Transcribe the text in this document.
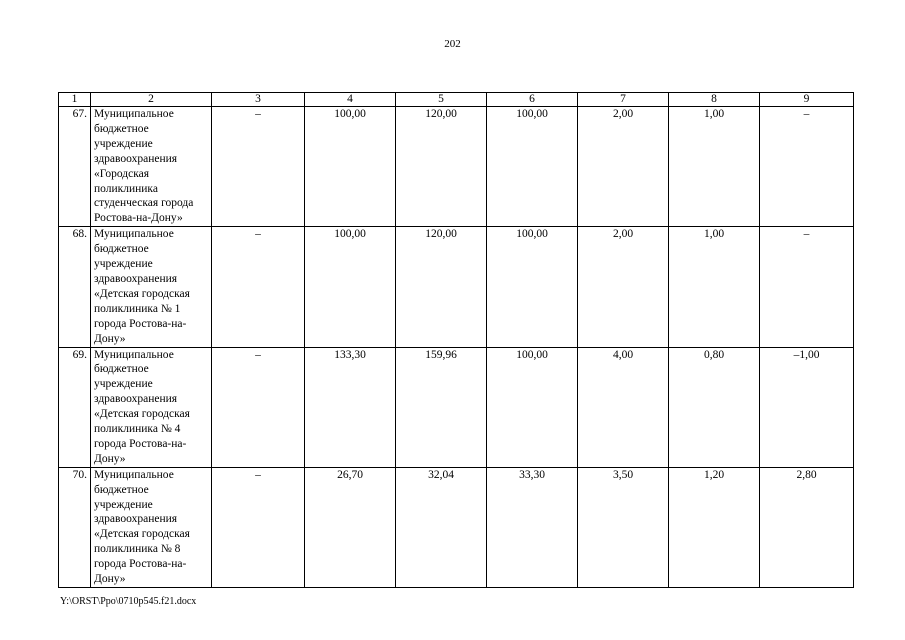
202
1	2	3	4	5	6	7	8	9
67.	Муниципальное бюджетное учреждение здравоохранения «Городская поликлиника студенческая города Ростова-на-Дону»	–	100,00	120,00	100,00	2,00	1,00	–
68.	Муниципальное бюджетное учреждение здравоохранения «Детская городская поликлиника № 1 города Ростова-на-Дону»	–	100,00	120,00	100,00	2,00	1,00	–
69.	Муниципальное бюджетное учреждение здравоохранения «Детская городская поликлиника № 4 города Ростова-на-Дону»	–	133,30	159,96	100,00	4,00	0,80	–1,00
70.	Муниципальное бюджетное учреждение здравоохранения «Детская городская поликлиника № 8 города Ростова-на-Дону»	–	26,70	32,04	33,30	3,50	1,20	2,80
Y:\ORST\Ppo\0710p545.f21.docx
